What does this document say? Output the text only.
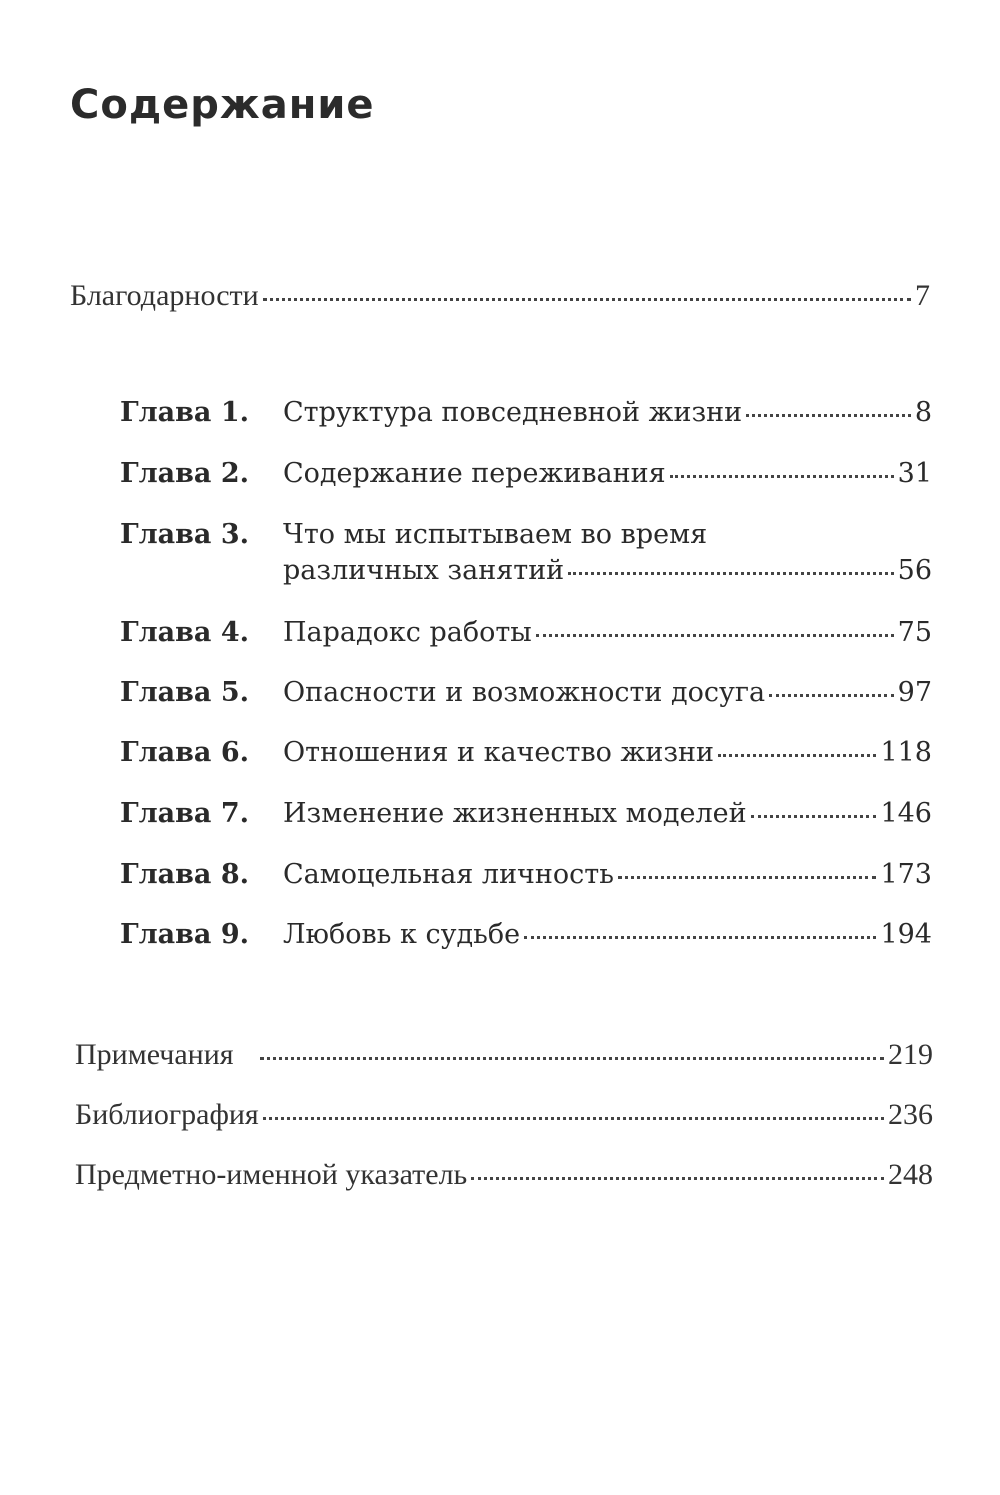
Содержание
Благодарности	7
Глава 1.	Структура повседневной жизни	8
Глава 2.	Содержание переживания	31
Глава 3.	Что мы испытываем во время
различных занятий	56
Глава 4.	Парадокс работы	75
Глава 5.	Опасности и возможности досуга	97
Глава 6.	Отношения и качество жизни	118
Глава 7.	Изменение жизненных моделей	146
Глава 8.	Самоцельная личность	173
Глава 9.	Любовь к судьбе	194
Примечания	219
Библиография	236
Предметно-именной указатель	248
